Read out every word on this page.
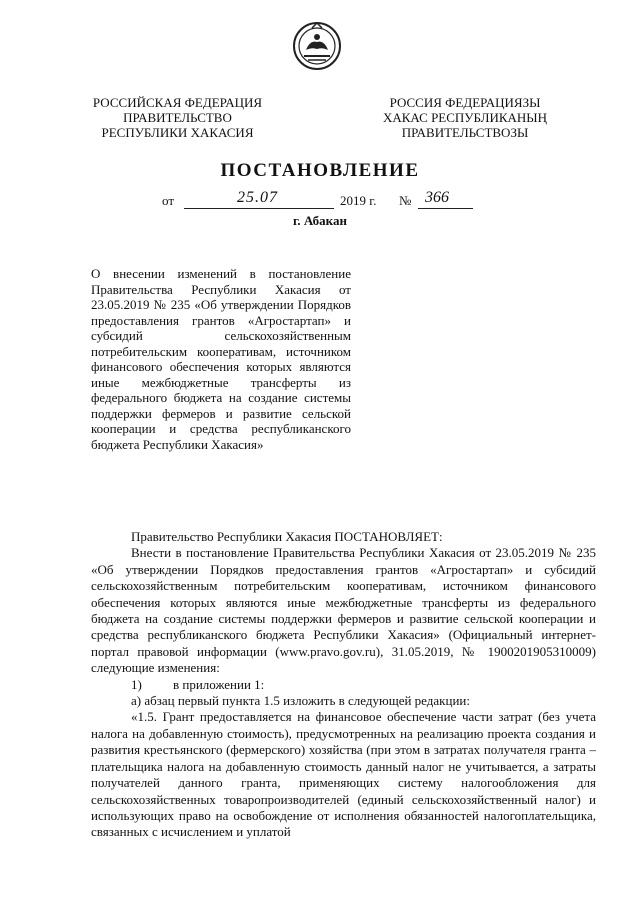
РОССИЙСКАЯ ФЕДЕРАЦИЯ
ПРАВИТЕЛЬСТВО
РЕСПУБЛИКИ ХАКАСИЯ
РОССИЯ ФЕДЕРАЦИЯЗЫ
ХАКАС РЕСПУБЛИКАНЫҢ
ПРАВИТЕЛЬСТВОЗЫ
ПОСТАНОВЛЕНИЕ
от	25.07	2019 г. № 366
г. Абакан
О внесении изменений в постановление Правительства Республики Хакасия от 23.05.2019 № 235 «Об утверждении Порядков предоставления грантов «Агростартап» и субсидий сельскохозяйственным потребительским кооперативам, источником финансового обеспечения которых являются иные межбюджетные трансферты из федерального бюджета на создание системы поддержки фермеров и развитие сельской кооперации и средства республиканского бюджета Республики Хакасия»

Правительство Республики Хакасия ПОСТАНОВЛЯЕТ:

Внести в постановление Правительства Республики Хакасия от 23.05.2019 № 235 «Об утверждении Порядков предоставления грантов «Агростартап» и субсидий сельскохозяйственным потребительским кооперативам, источником финансового обеспечения которых являются иные межбюджетные трансферты из федерального бюджета на создание системы поддержки фермеров и развитие сельской кооперации и средства республиканского бюджета Республики Хакасия» (Официальный интернет-портал правовой информации (www.pravo.gov.ru), 31.05.2019, № 1900201905310009) следующие изменения:

1) в приложении 1:

а) абзац первый пункта 1.5 изложить в следующей редакции:

«1.5. Грант предоставляется на финансовое обеспечение части затрат (без учета налога на добавленную стоимость), предусмотренных на реализацию проекта создания и развития крестьянского (фермерского) хозяйства (при этом в затратах получателя гранта – плательщика налога на добавленную стоимость данный налог не учитывается, а затраты получателей данного гранта, применяющих систему налогообложения для сельскохозяйственных товаропроизводителей (единый сельскохозяйственный налог) и использующих право на освобождение от исполнения обязанностей налогоплательщика, связанных с исчислением и уплатой
